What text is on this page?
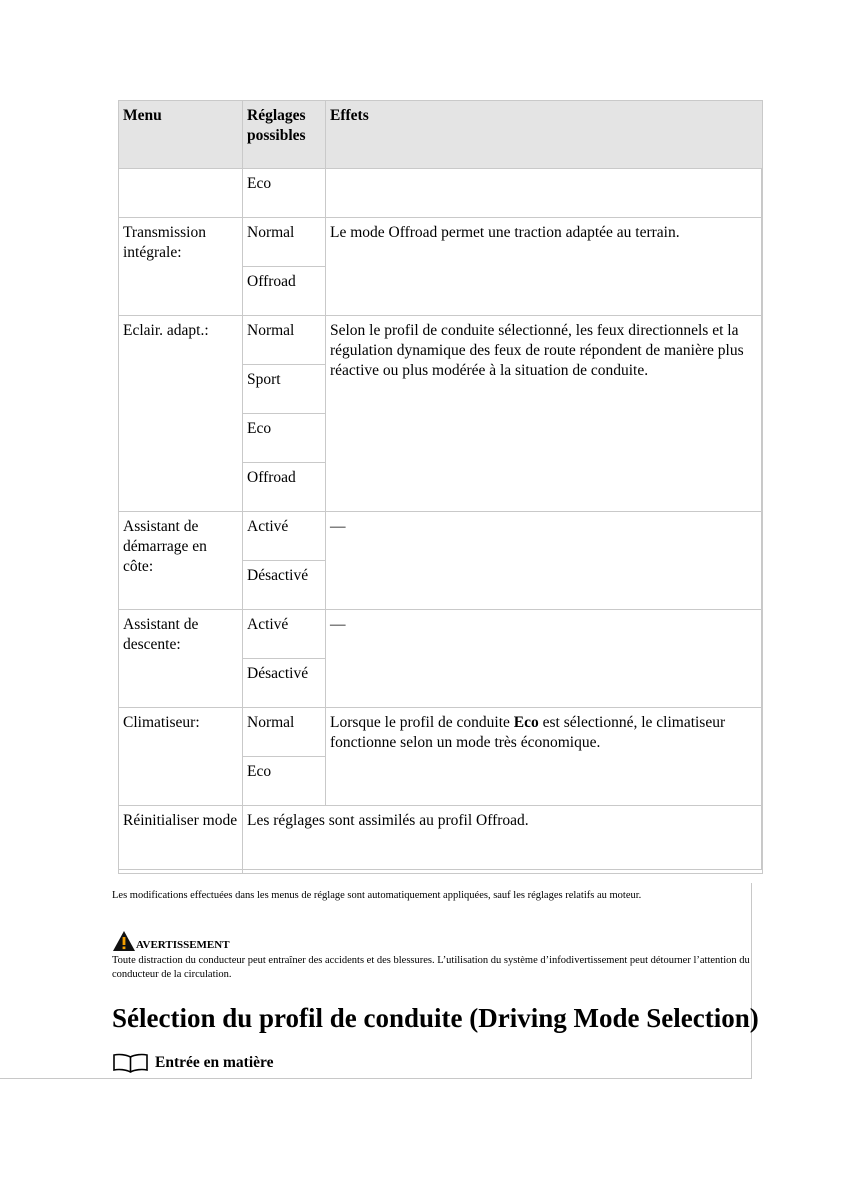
Menu	Réglages possibles	Effets
	Eco	
Transmission intégrale:	Normal	Le mode Offroad permet une traction adaptée au terrain.
	Offroad	
Eclair. adapt.:	Normal	Selon le profil de conduite sélectionné, les feux directionnels et la régulation dynamique des feux de route répondent de manière plus réactive ou plus modérée à la situation de conduite.
	Sport	
	Eco	
	Offroad	
Assistant de démarrage en côte:	Activé	—
	Désactivé	
Assistant de descente:	Activé	—
	Désactivé	
Climatiseur:	Normal	Lorsque le profil de conduite Eco est sélectionné, le climatiseur fonctionne selon un mode très économique.
	Eco	
Réinitialiser mode	Les réglages sont assimilés au profil Offroad.	

Les modifications effectuées dans les menus de réglage sont automatiquement appliquées, sauf les réglages relatifs au moteur.

AVERTISSEMENT

Toute distraction du conducteur peut entraîner des accidents et des blessures. L’utilisation du système d’infodivertissement peut détourner l’attention du conducteur de la circulation.

Sélection du profil de conduite (Driving Mode Selection)
Entrée en matière
